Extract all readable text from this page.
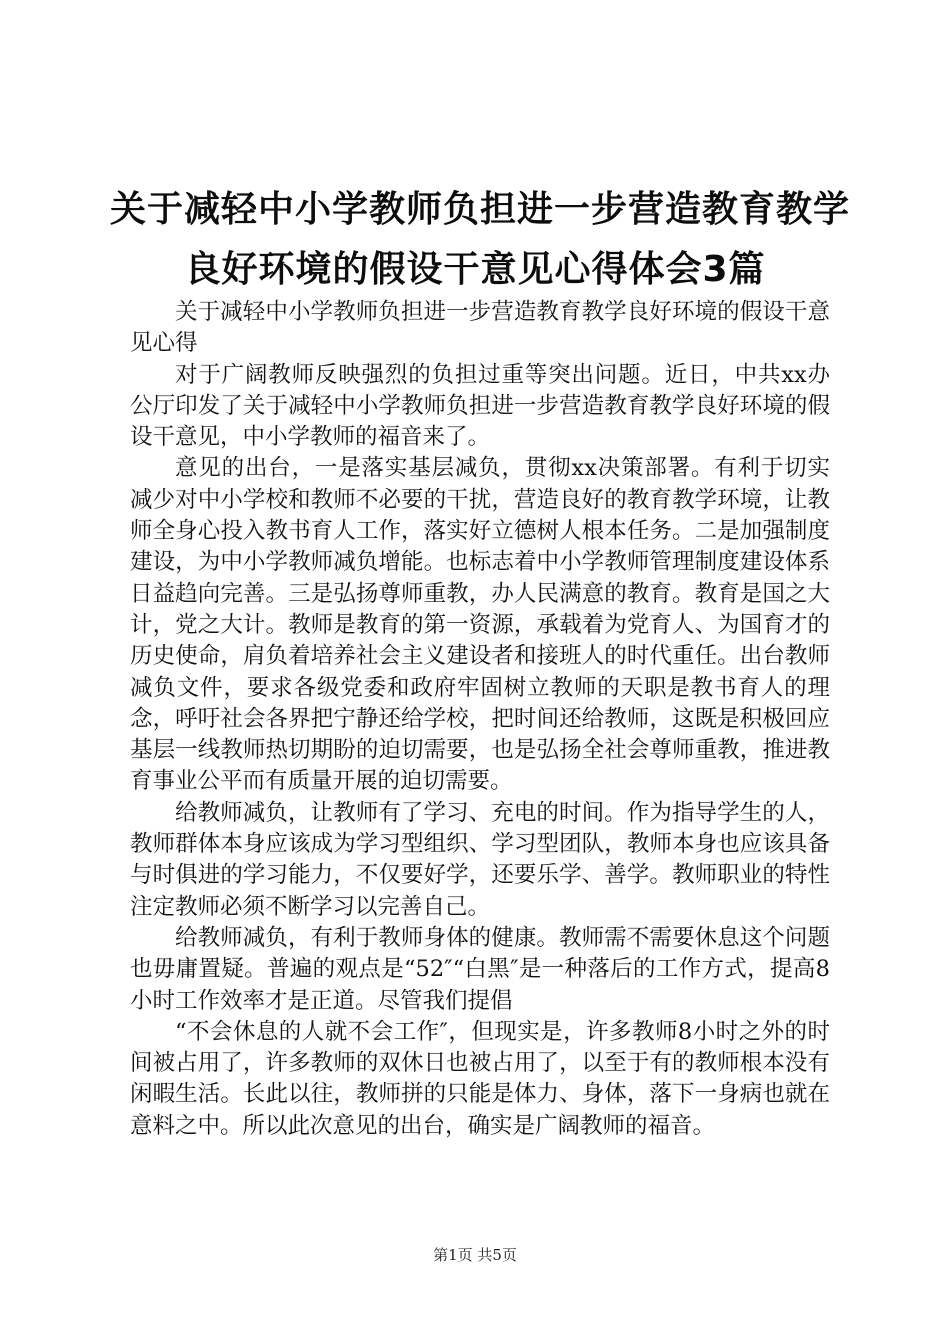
关于减轻中小学教师负担进一步营造教育教学
良好环境的假设干意见心得体会3篇

关于减轻中小学教师负担进一步营造教育教学良好环境的假设干意见心得

对于广阔教师反映强烈的负担过重等突出问题。近日，中共xx办公厅印发了关于减轻中小学教师负担进一步营造教育教学良好环境的假设干意见，中小学教师的福音来了。

意见的出台，一是落实基层减负，贯彻xx决策部署。有利于切实减少对中小学校和教师不必要的干扰，营造良好的教育教学环境，让教师全身心投入教书育人工作，落实好立德树人根本任务。二是加强制度建设，为中小学教师减负增能。也标志着中小学教师管理制度建设体系日益趋向完善。三是弘扬尊师重教，办人民满意的教育。教育是国之大计，党之大计。教师是教育的第一资源，承载着为党育人、为国育才的历史使命，肩负着培养社会主义建设者和接班人的时代重任。出台教师减负文件，要求各级党委和政府牢固树立教师的天职是教书育人的理念，呼吁社会各界把宁静还给学校，把时间还给教师，这既是积极回应基层一线教师热切期盼的迫切需要，也是弘扬全社会尊师重教，推进教育事业公平而有质量开展的迫切需要。

给教师减负，让教师有了学习、充电的时间。作为指导学生的人，教师群体本身应该成为学习型组织、学习型团队，教师本身也应该具备与时俱进的学习能力，不仅要好学，还要乐学、善学。教师职业的特性注定教师必须不断学习以完善自己。

给教师减负，有利于教师身体的健康。教师需不需要休息这个问题也毋庸置疑。普遍的观点是“52″“白黑″是一种落后的工作方式，提高8小时工作效率才是正道。尽管我们提倡

“不会休息的人就不会工作″，但现实是，许多教师8小时之外的时间被占用了，许多教师的双休日也被占用了，以至于有的教师根本没有闲暇生活。长此以往，教师拼的只能是体力、身体，落下一身病也就在意料之中。所以此次意见的出台，确实是广阔教师的福音。

第1页 共5页
